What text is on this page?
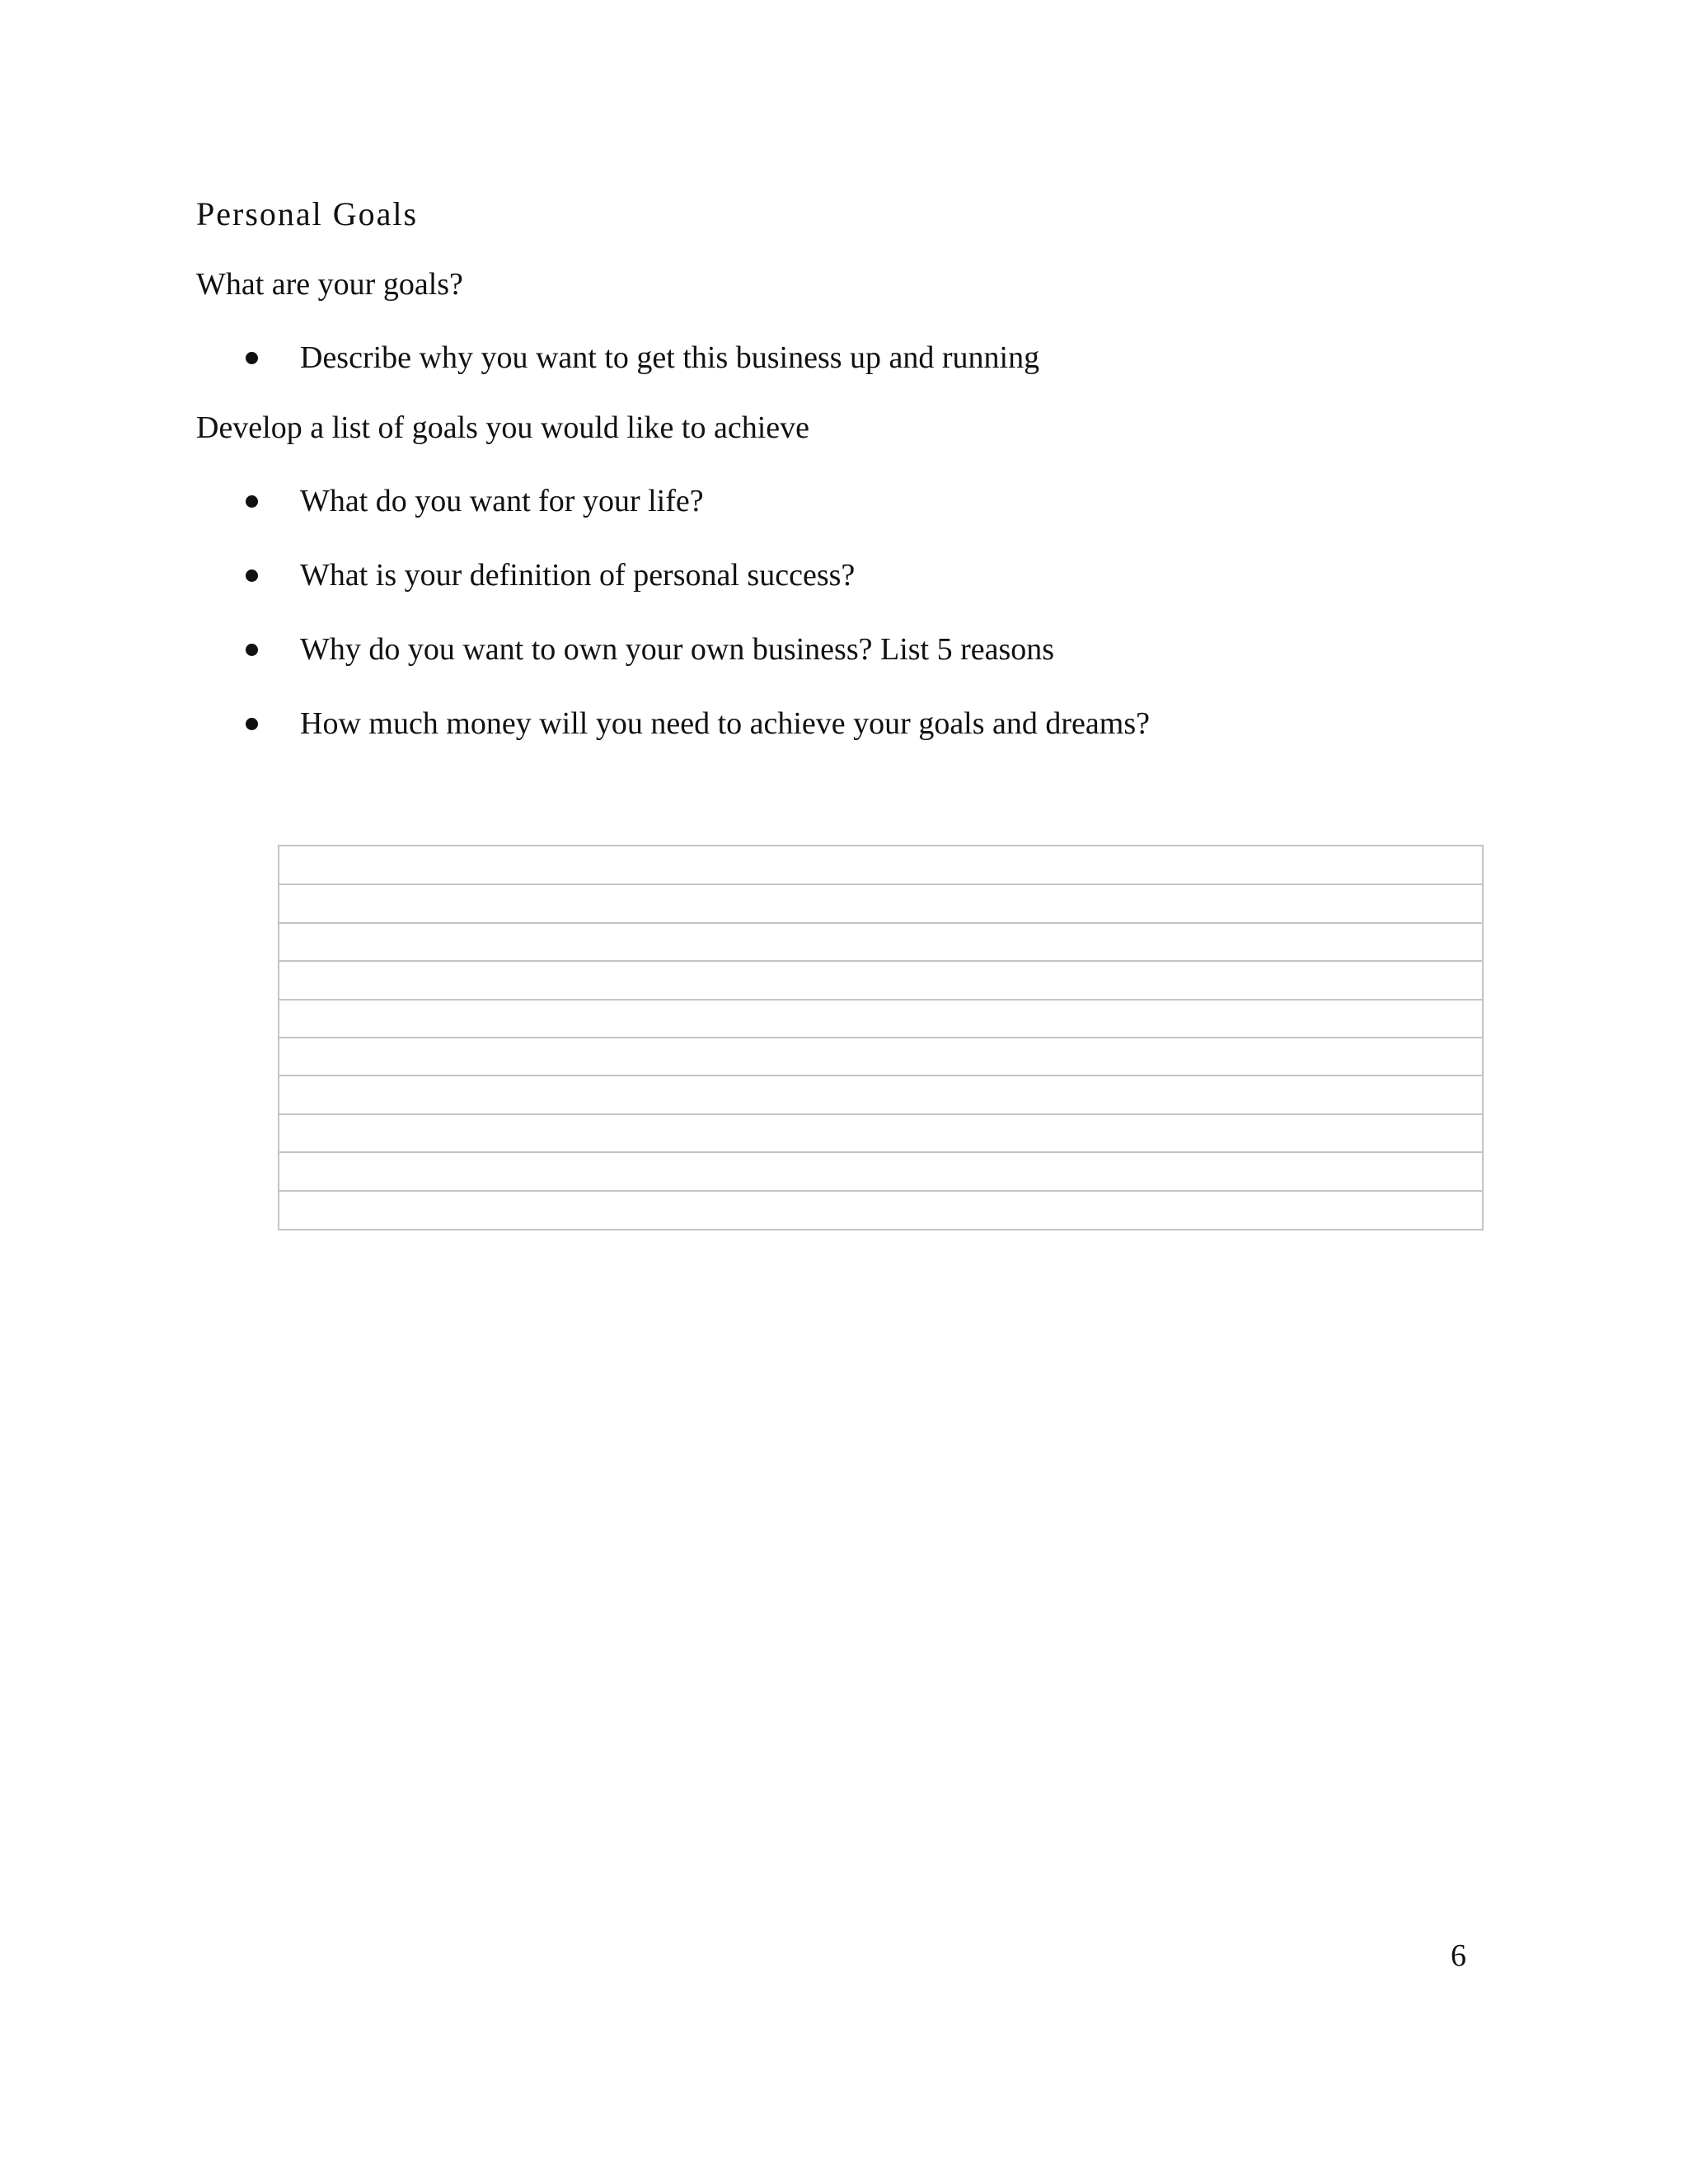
Personal Goals

What are your goals?

Describe why you want to get this business up and running

Develop a list of goals you would like to achieve

What do you want for your life?
What is your definition of personal success?
Why do you want to own your own business? List 5 reasons
How much money will you need to achieve your goals and dreams?
6
